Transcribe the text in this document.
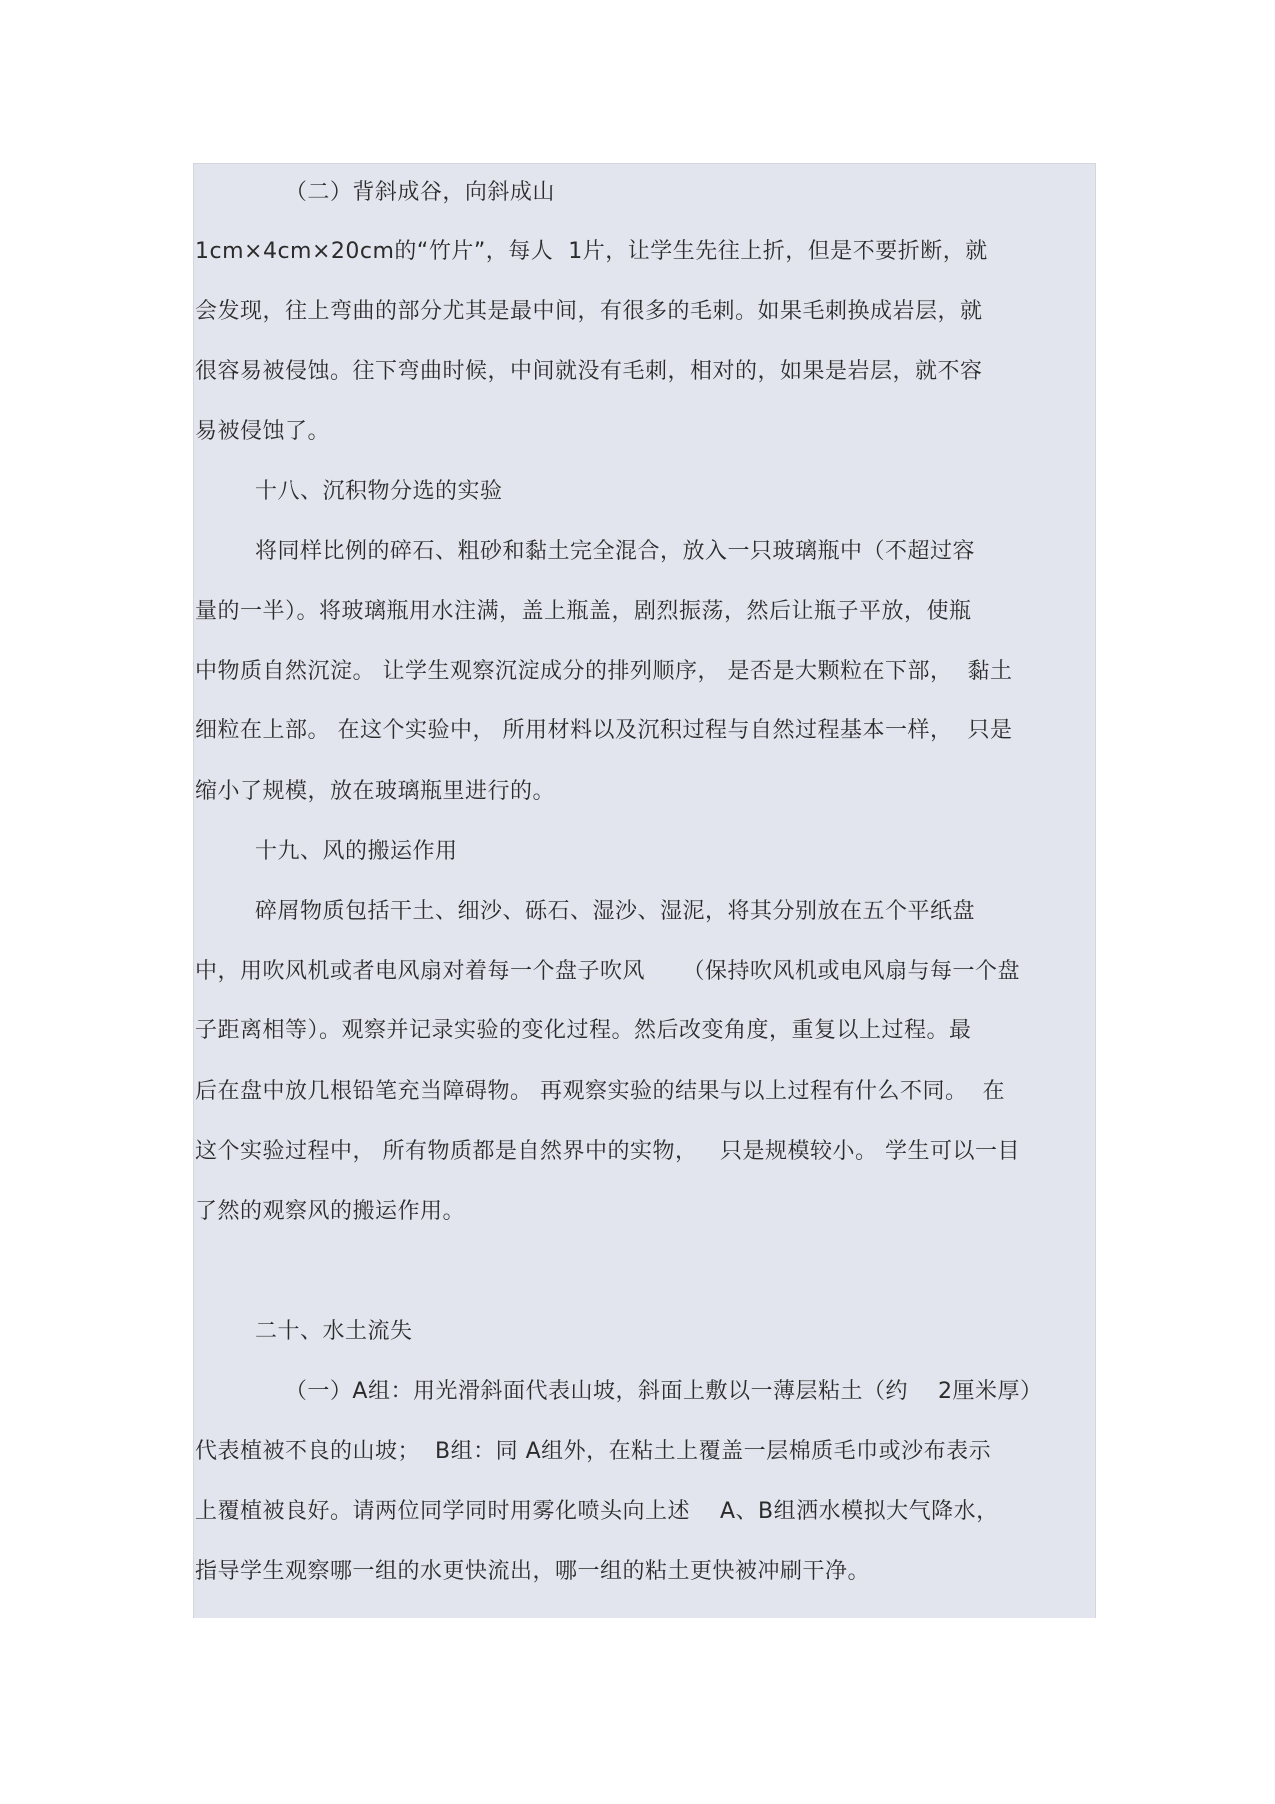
（二）背斜成谷，向斜成山
1cm×4cm×20cm的“竹片”，每人  1片，让学生先往上折，但是不要折断，就
会发现，往上弯曲的部分尤其是最中间，有很多的毛刺。如果毛刺换成岩层，就
很容易被侵蚀。往下弯曲时候，中间就没有毛刺，相对的，如果是岩层，就不容
易被侵蚀了。
十八、沉积物分选的实验
将同样比例的碎石、粗砂和黏土完全混合，放入一只玻璃瓶中（不超过容
量的一半）。将玻璃瓶用水注满，盖上瓶盖，剧烈振荡，然后让瓶子平放，使瓶
中物质自然沉淀。 让学生观察沉淀成分的排列顺序， 是否是大颗粒在下部，  黏土
细粒在上部。 在这个实验中， 所用材料以及沉积过程与自然过程基本一样，  只是
缩小了规模，放在玻璃瓶里进行的。
十九、风的搬运作用
碎屑物质包括干土、细沙、砾石、湿沙、湿泥，将其分别放在五个平纸盘
中，用吹风机或者电风扇对着每一个盘子吹风     （保持吹风机或电风扇与每一个盘
子距离相等）。观察并记录实验的变化过程。然后改变角度，重复以上过程。最
后在盘中放几根铅笔充当障碍物。 再观察实验的结果与以上过程有什么不同。  在
这个实验过程中， 所有物质都是自然界中的实物，   只是规模较小。 学生可以一目
了然的观察风的搬运作用。
二十、水土流失
（一）A组：用光滑斜面代表山坡，斜面上敷以一薄层粘土（约    2厘米厚）
代表植被不良的山坡；  B组：同 A组外，在粘土上覆盖一层棉质毛巾或沙布表示
上覆植被良好。请两位同学同时用雾化喷头向上述    A、B组洒水模拟大气降水，
指导学生观察哪一组的水更快流出，哪一组的粘土更快被冲刷干净。
